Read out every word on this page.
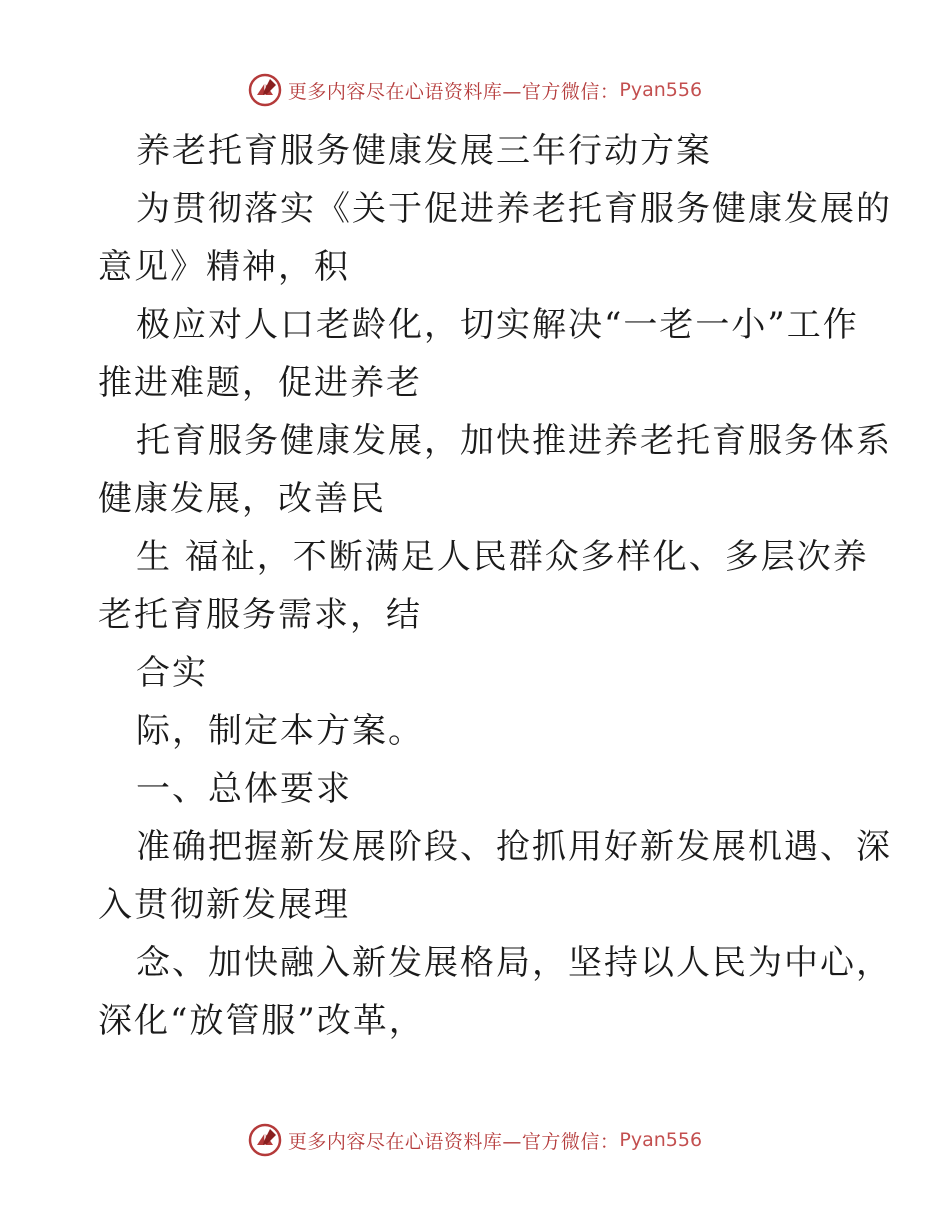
更多内容尽在心语资料库—官方微信： Pyan556
养老托育服务健康发展三年行动方案
为贯彻落实《关于促进养老托育服务健康发展的
意见》精神，积
极应对人口老龄化，切实解决“一老一小”工作
推进难题，促进养老
托育服务健康发展，加快推进养老托育服务体系
健康发展，改善民
生 福祉，不断满足人民群众多样化、多层次养
老托育服务需求，结
合实
际，制定本方案。
一、总体要求
准确把握新发展阶段、抢抓用好新发展机遇、深
入贯彻新发展理
念、加快融入新发展格局，坚持以人民为中心，
深化“放管服”改革，
更多内容尽在心语资料库—官方微信： Pyan556
